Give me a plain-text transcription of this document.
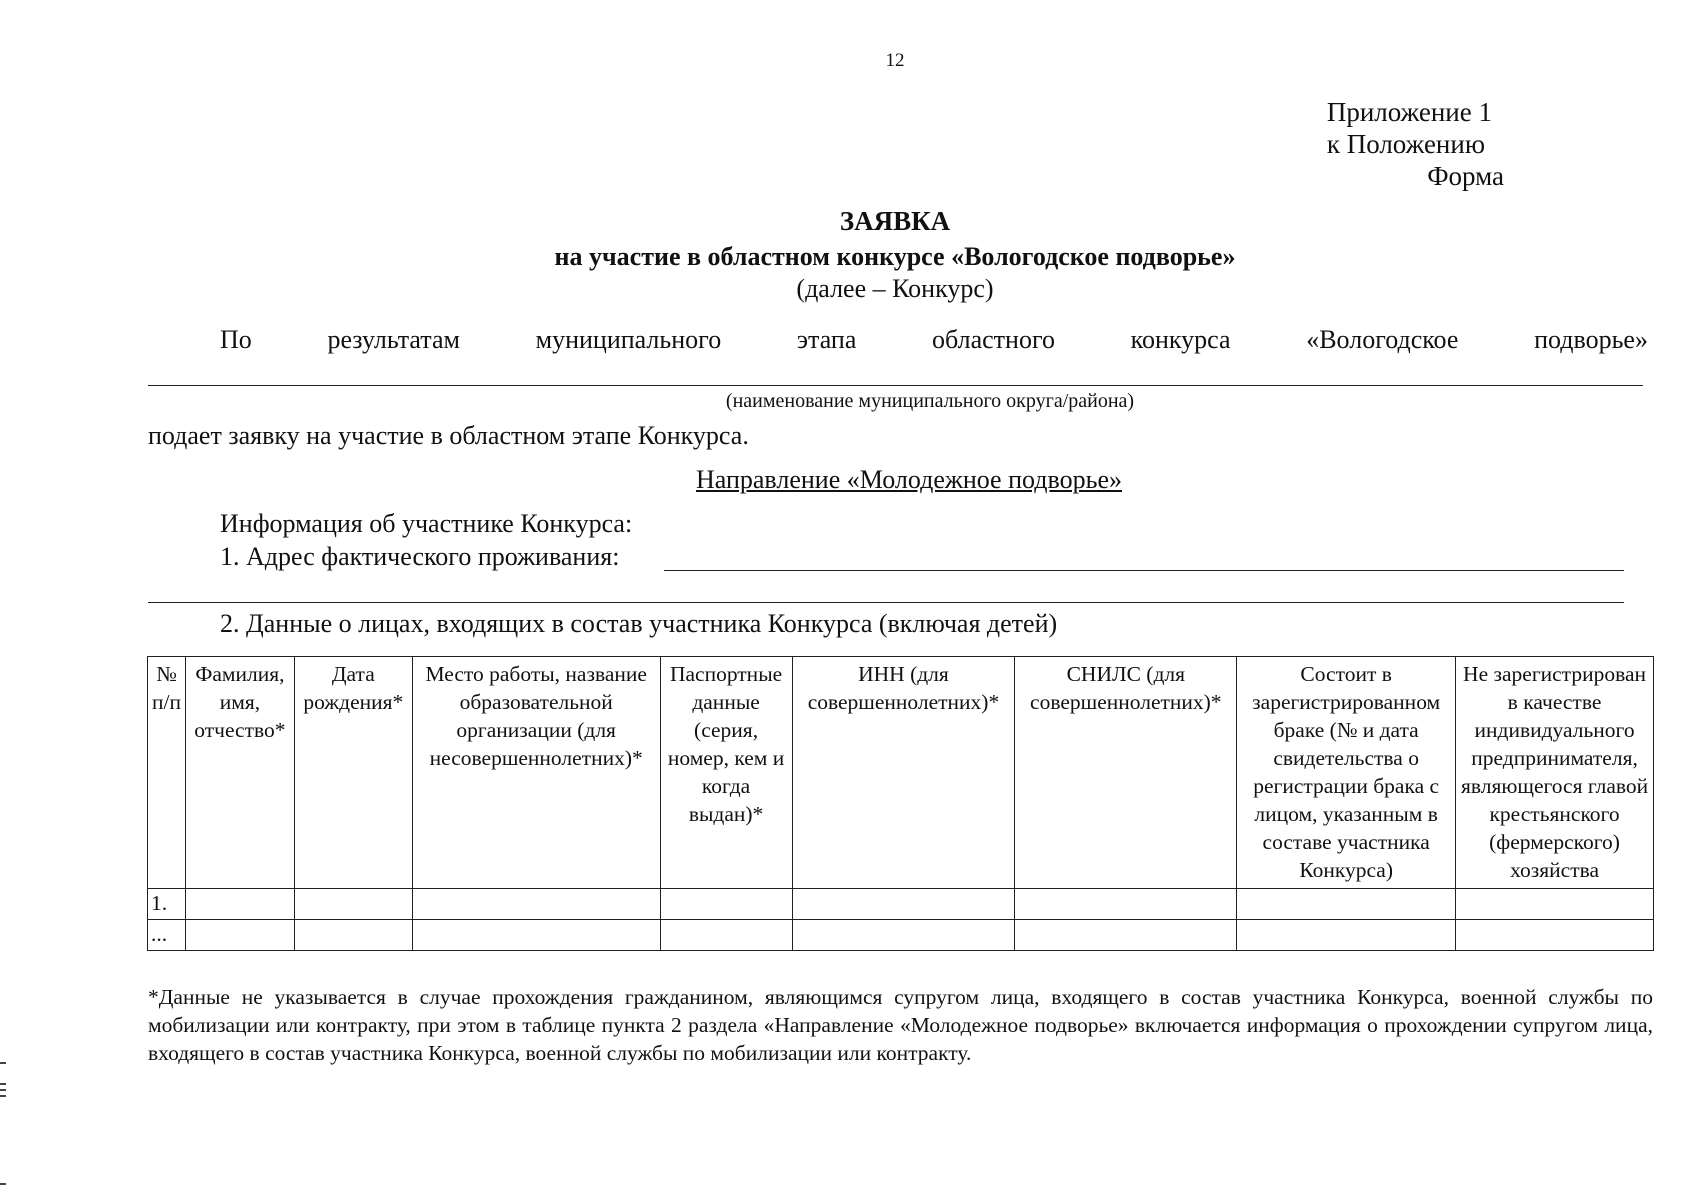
12
Приложение 1
к Положению
Форма
ЗАЯВКА
на участие в областном конкурсе «Вологодское подворье»
(далее – Конкурс)
По	результатам	муниципального	этапа	областного	конкурса	«Вологодское	подворье»
(наименование муниципального округа/района)
подает заявку на участие в областном этапе Конкурса.
Направление «Молодежное подворье»
Информация об участнике Конкурса:
1. Адрес фактического проживания:
2. Данные о лицах, входящих в состав участника Конкурса (включая детей)
№ п/п	Фамилия, имя, отчество*	Дата рождения*	Место работы, название образовательной организации (для несовершеннолетних)*	Паспортные данные (серия, номер, кем и когда выдан)*	ИНН (для совершеннолетних)*	СНИЛС (для совершеннолетних)*	Состоит в зарегистрированном браке (№ и дата свидетельства о регистрации брака с лицом, указанным в составе участника Конкурса)	Не зарегистрирован в качестве индивидуального предпринимателя, являющегося главой крестьянского (фермерского) хозяйства
1.								
...								
*Данные не указывается в случае прохождения гражданином, являющимся супругом лица, входящего в состав участника Конкурса, военной службы по мобилизации или контракту, при этом в таблице пункта 2 раздела «Направление «Молодежное подворье» включается информация о прохождении супругом лица, входящего в состав участника Конкурса, военной службы по мобилизации или контракту.
